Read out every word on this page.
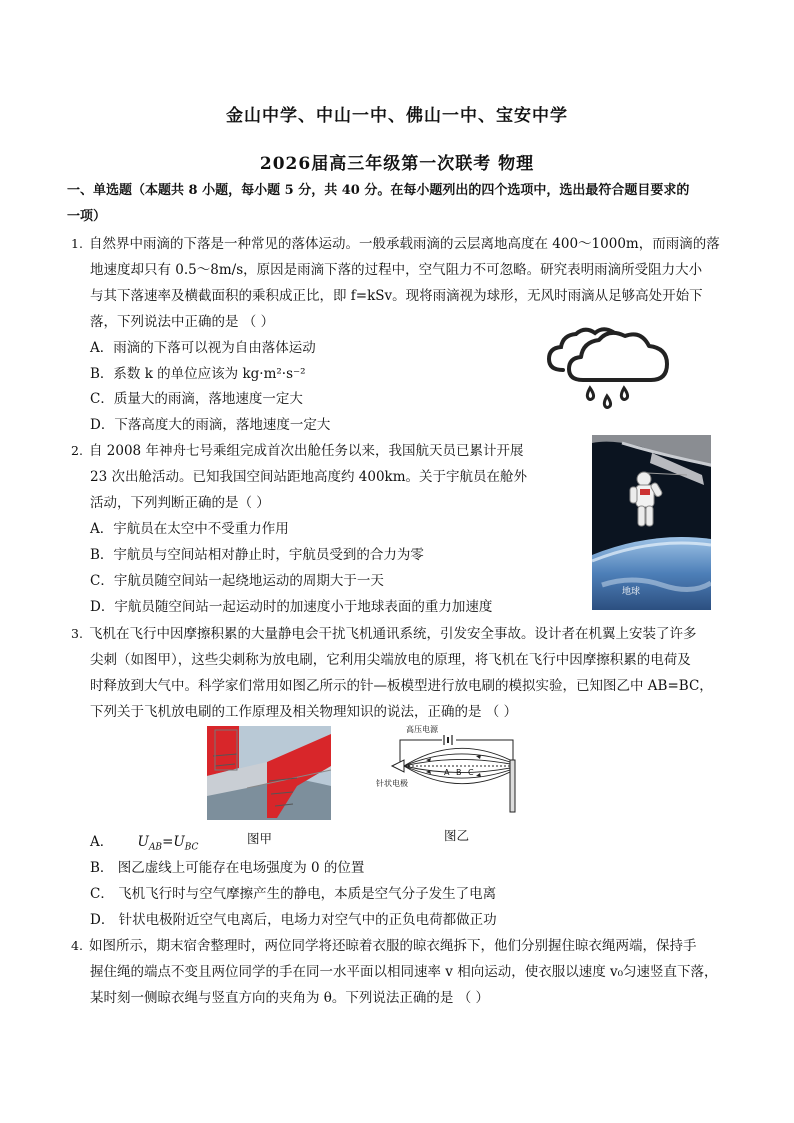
金山中学、中山一中、佛山一中、宝安中学
2026届高三年级第一次联考 物理
一、单选题（本题共 8 小题，每小题 5 分，共 40 分。在每小题列出的四个选项中，选出最符合题目要求的
一项）
1. 自然界中雨滴的下落是一种常见的落体运动。一般承载雨滴的云层离地高度在 400～1000m，而雨滴的落
地速度却只有 0.5～8m/s，原因是雨滴下落的过程中，空气阻力不可忽略。研究表明雨滴所受阻力大小
与其下落速率及横截面积的乘积成正比，即 f=kSv。现将雨滴视为球形，无风时雨滴从足够高处开始下
落，下列说法中正确的是 （ ）
A．雨滴的下落可以视为自由落体运动
B．系数 k 的单位应该为 kg·m²·s⁻²
C．质量大的雨滴，落地速度一定大
D．下落高度大的雨滴，落地速度一定大
2. 自 2008 年神舟七号乘组完成首次出舱任务以来，我国航天员已累计开展
23 次出舱活动。已知我国空间站距地高度约 400km。关于宇航员在舱外
活动，下列判断正确的是（ ）
A．宇航员在太空中不受重力作用
B．宇航员与空间站相对静止时，宇航员受到的合力为零
C．宇航员随空间站一起绕地运动的周期大于一天
D．宇航员随空间站一起运动时的加速度小于地球表面的重力加速度
地球
3. 飞机在飞行中因摩擦积累的大量静电会干扰飞机通讯系统，引发安全事故。设计者在机翼上安装了许多
尖刺（如图甲），这些尖刺称为放电刷，它利用尖端放电的原理，将飞机在飞行中因摩擦积累的电荷及
时释放到大气中。科学家们常用如图乙所示的针—板模型进行放电刷的模拟实验，已知图乙中 AB=BC，
下列关于飞机放电刷的工作原理及相关物理知识的说法，正确的是 （ ）
图甲
高压电源
针状电极
A B C
图乙
A． $U_{AB}=U_{BC}$
B． 图乙虚线上可能存在电场强度为 0 的位置
C． 飞机飞行时与空气摩擦产生的静电，本质是空气分子发生了电离
D． 针状电极附近空气电离后，电场力对空气中的正负电荷都做正功
4. 如图所示，期末宿舍整理时，两位同学将还晾着衣服的晾衣绳拆下，他们分别握住晾衣绳两端，保持手
握住绳的端点不变且两位同学的手在同一水平面以相同速率 v 相向运动，使衣服以速度 v₀匀速竖直下落，
某时刻一侧晾衣绳与竖直方向的夹角为 θ。下列说法正确的是 （ ）
